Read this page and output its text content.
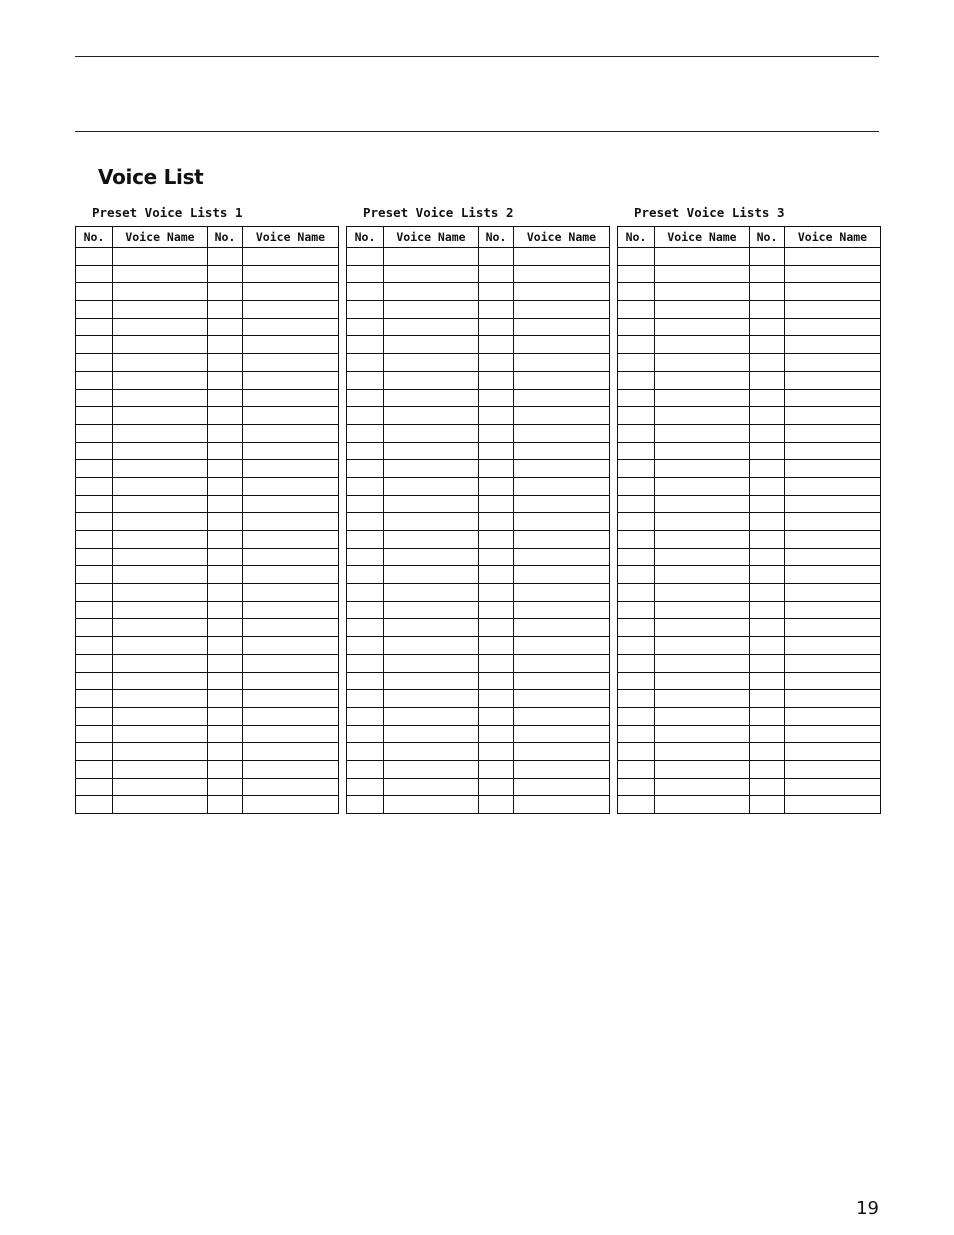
Voice List
Preset Voice Lists 1
No.	Voice Name	No.	Voice Name

Preset Voice Lists 2
No.	Voice Name	No.	Voice Name

Preset Voice Lists 3
No.	Voice Name	No.	Voice Name

19
